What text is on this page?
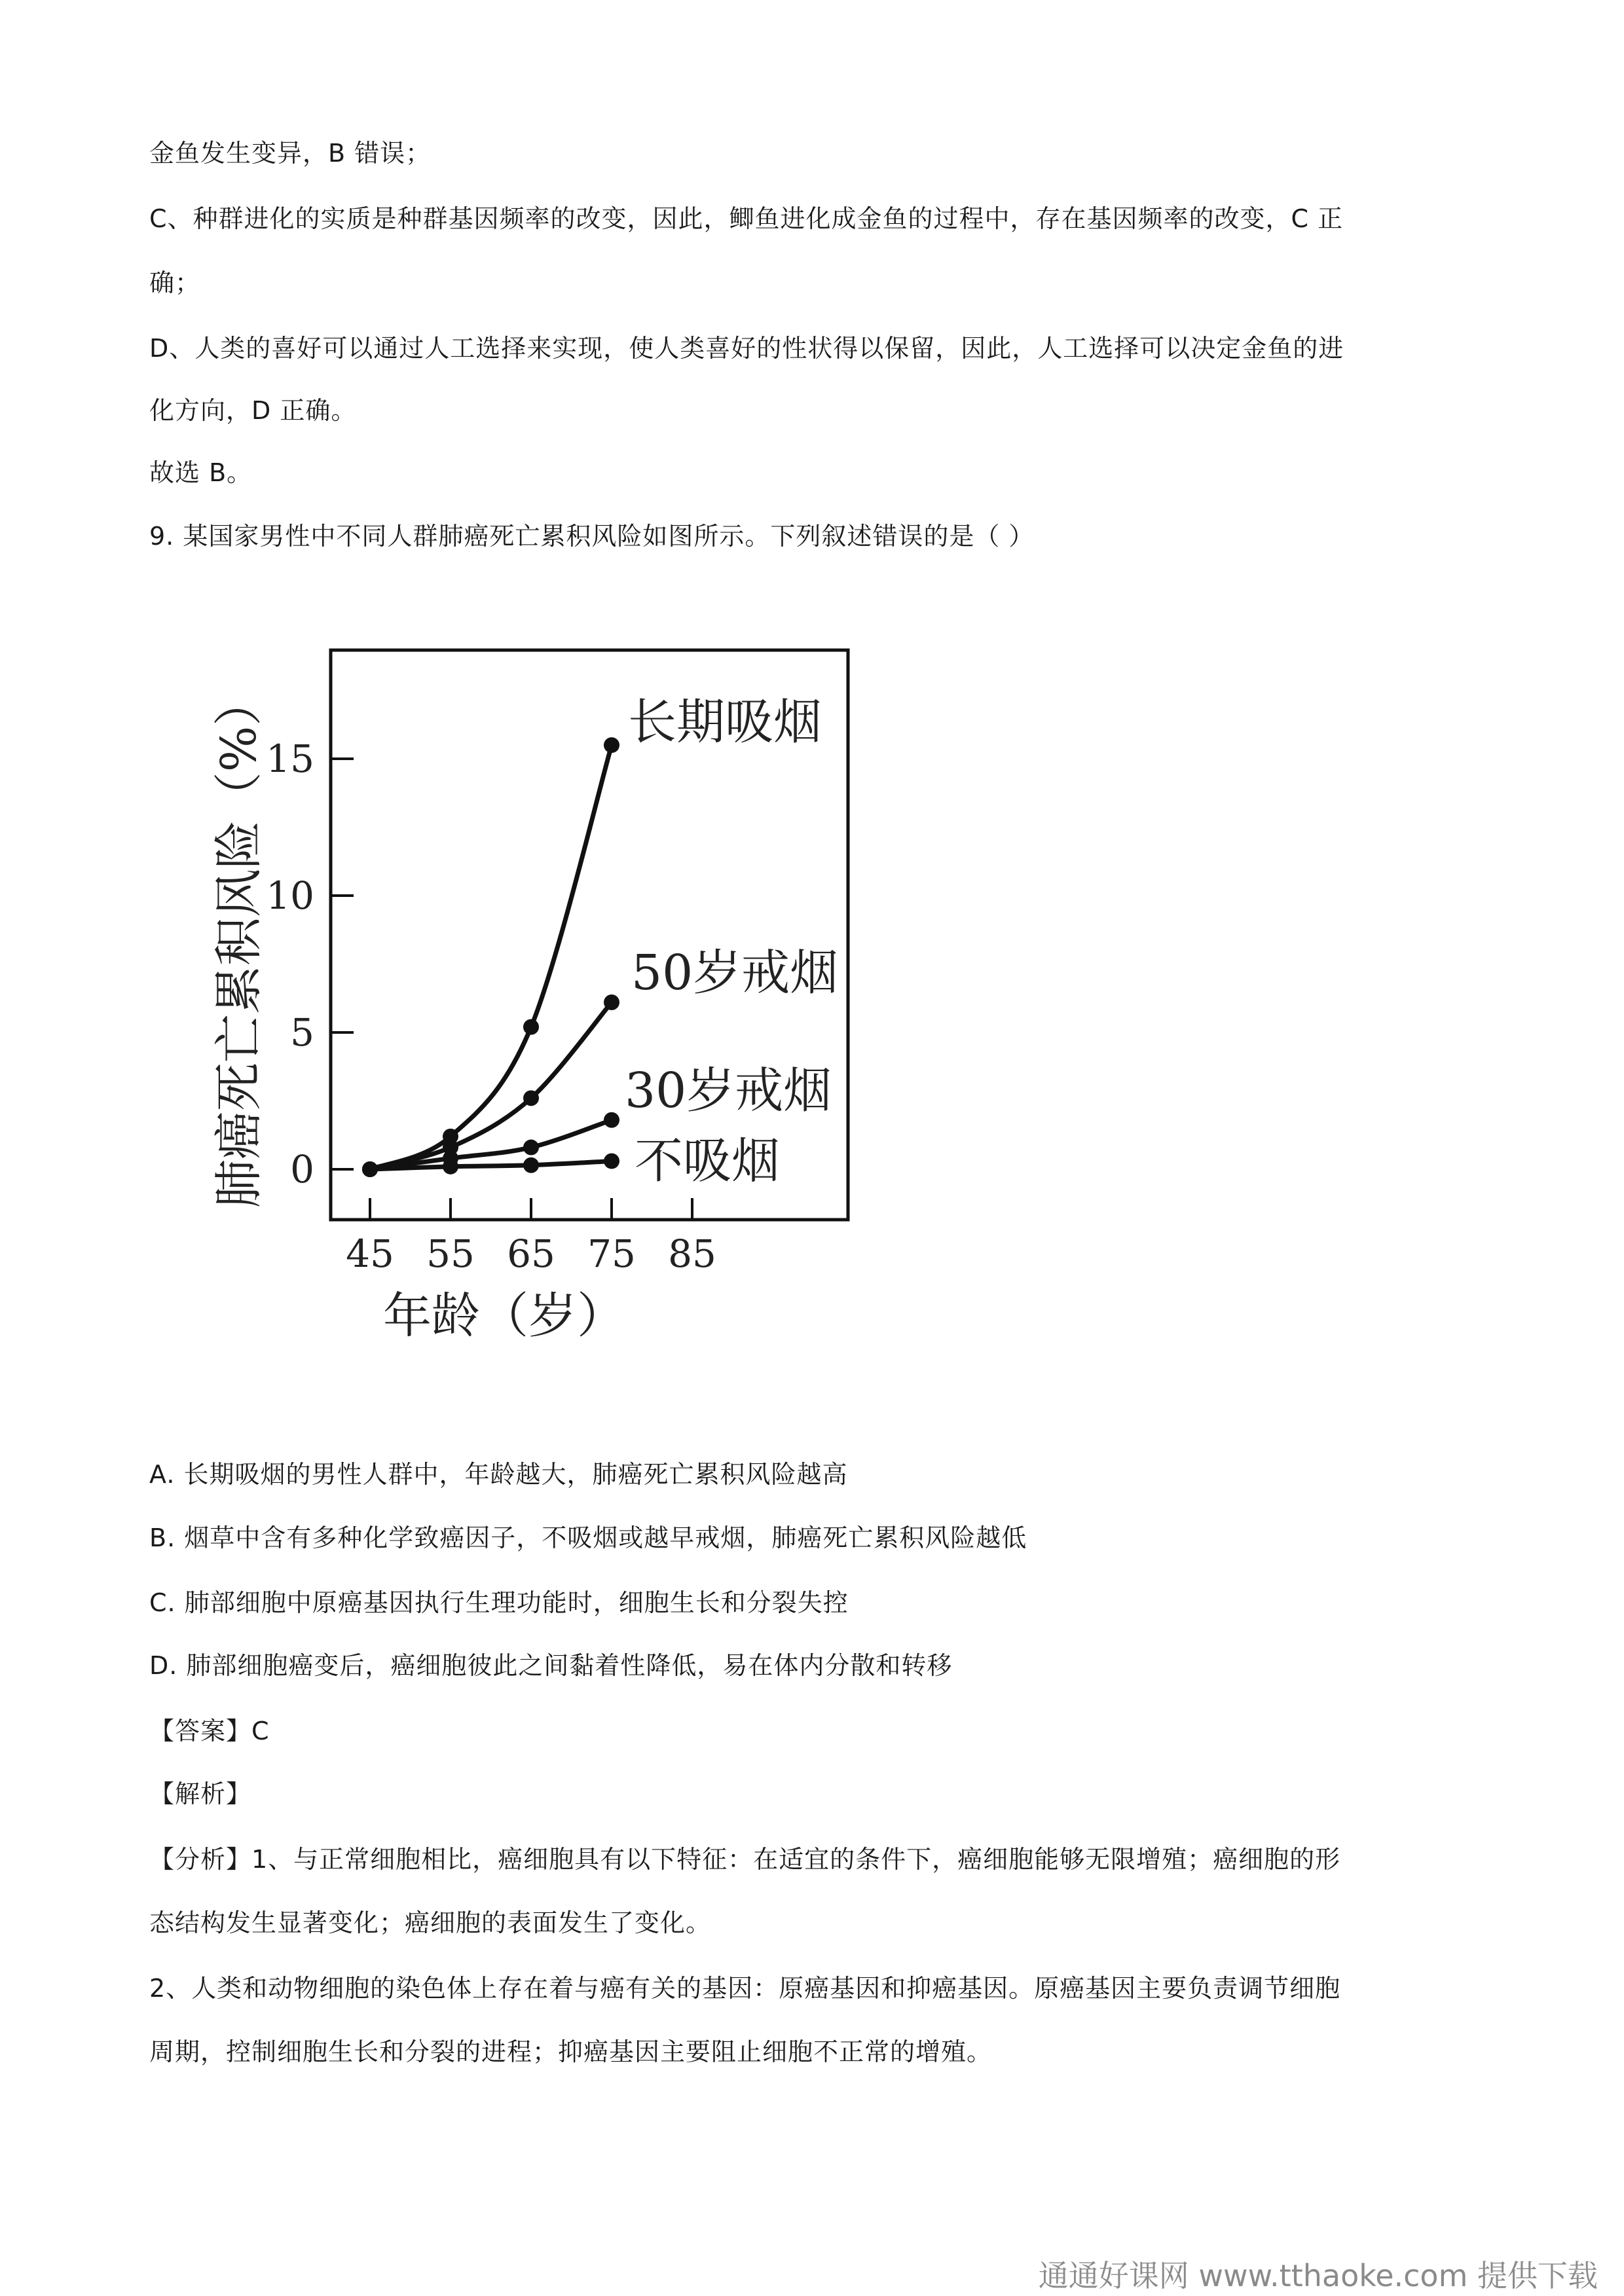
金鱼发生变异，B 错误；
C、种群进化的实质是种群基因频率的改变，因此，鲫鱼进化成金鱼的过程中，存在基因频率的改变，C 正
确；
D、人类的喜好可以通过人工选择来实现，使人类喜好的性状得以保留，因此，人工选择可以决定金鱼的进
化方向，D 正确。
故选 B。
9. 某国家男性中不同人群肺癌死亡累积风险如图所示。下列叙述错误的是（ ）
0
5
10
15
45 55 65 75 85
长期吸烟
50岁戒烟
30岁戒烟
不吸烟
年龄（岁）
肺癌死亡累积风险（%）
A. 长期吸烟的男性人群中，年龄越大，肺癌死亡累积风险越高
B. 烟草中含有多种化学致癌因子，不吸烟或越早戒烟，肺癌死亡累积风险越低
C. 肺部细胞中原癌基因执行生理功能时，细胞生长和分裂失控
D. 肺部细胞癌变后，癌细胞彼此之间黏着性降低，易在体内分散和转移
【答案】C
【解析】
【分析】1、与正常细胞相比，癌细胞具有以下特征：在适宜的条件下，癌细胞能够无限增殖；癌细胞的形
态结构发生显著变化；癌细胞的表面发生了变化。
2、人类和动物细胞的染色体上存在着与癌有关的基因：原癌基因和抑癌基因。原癌基因主要负责调节细胞
周期，控制细胞生长和分裂的进程；抑癌基因主要阻止细胞不正常的增殖。
通通好课网 www.tthaoke.com 提供下载
